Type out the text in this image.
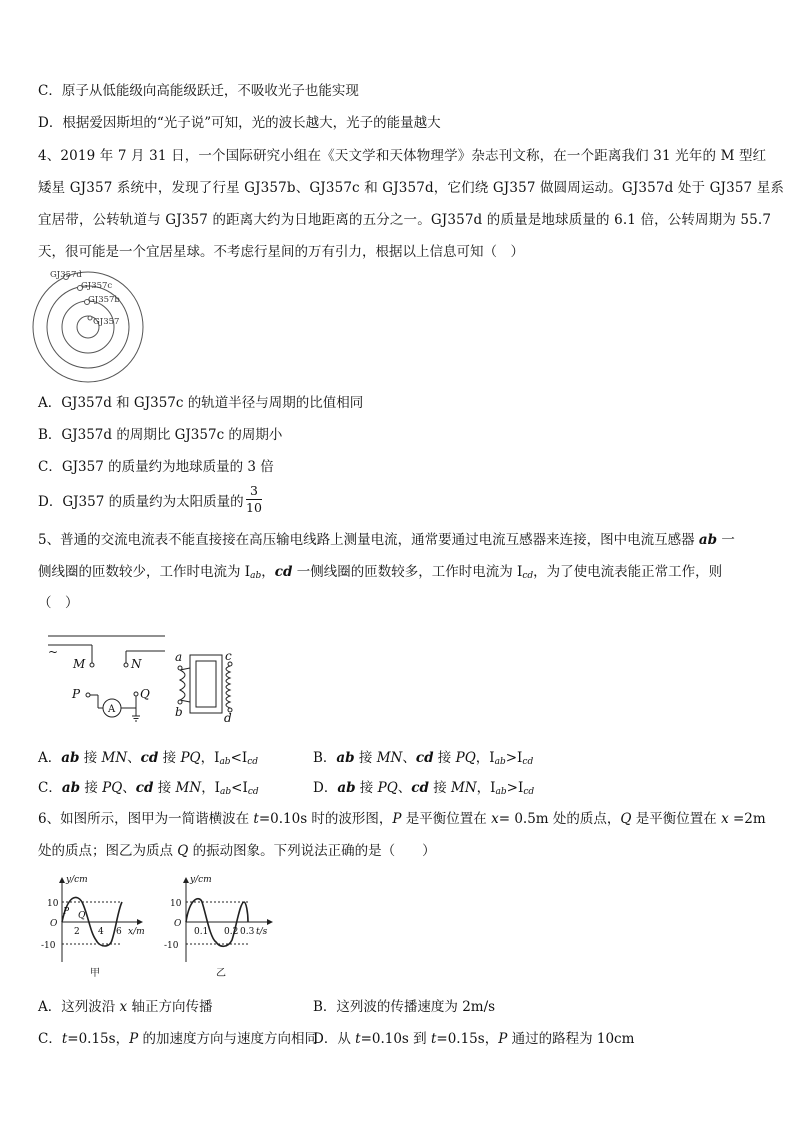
C．原子从低能级向高能级跃迁，不吸收光子也能实现
D．根据爱因斯坦的“光子说”可知，光的波长越大，光子的能量越大
4、2019 年 7 月 31 日，一个国际研究小组在《天文学和天体物理学》杂志刊文称，在一个距离我们 31 光年的 M 型红
矮星 GJ357 系统中，发现了行星 GJ357b、GJ357c 和 GJ357d，它们绕 GJ357 做圆周运动。GJ357d 处于 GJ357 星系
宜居带，公转轨道与 GJ357 的距离大约为日地距离的五分之一。GJ357d 的质量是地球质量的 6.1 倍，公转周期为 55.7
天，很可能是一个宜居星球。不考虑行星间的万有引力，根据以上信息可知（　）
GJ357d
GJ357c
GJ357b
GJ357
A．GJ357d 和 GJ357c 的轨道半径与周期的比值相同
B．GJ357d 的周期比 GJ357c 的周期小
C．GJ357 的质量约为地球质量的 3 倍
D．GJ357 的质量约为太阳质量的
3
10
5、普通的交流电流表不能直接接在高压输电线路上测量电流，通常要通过电流互感器来连接，图中电流互感器 ab 一
侧线圈的匝数较少，工作时电流为 $I_{ab}$，cd 一侧线圈的匝数较多，工作时电流为 $I_{cd}$，为了使电流表能正常工作，则
（　）
~
M	N
P	Q
A
a
b
c
d
A．ab 接 MN、cd 接 PQ，$I_{ab}<I_{cd}$	B．ab 接 MN、cd 接 PQ，$I_{ab}>I_{cd}$
C．ab 接 PQ、cd 接 MN，$I_{ab}<I_{cd}$	D．ab 接 PQ、cd 接 MN，$I_{ab}>I_{cd}$
6、如图所示，图甲为一简谐横波在 t=0.10s 时的波形图，P 是平衡位置在 x= 0.5m 处的质点，Q 是平衡位置在 x =2m
处的质点；图乙为质点 Q 的振动图象。下列说法正确的是（　　）
y/cm
10
O
-10
2 4 6 x/m
P Q
甲
y/cm
10
O
-10
0.1 0.2 0.3 t/s
乙
A．这列波沿 x 轴正方向传播	B．这列波的传播速度为 2m/s
C．t=0.15s，P 的加速度方向与速度方向相同
D．从 t=0.10s 到 t=0.15s，P 通过的路程为 10cm
